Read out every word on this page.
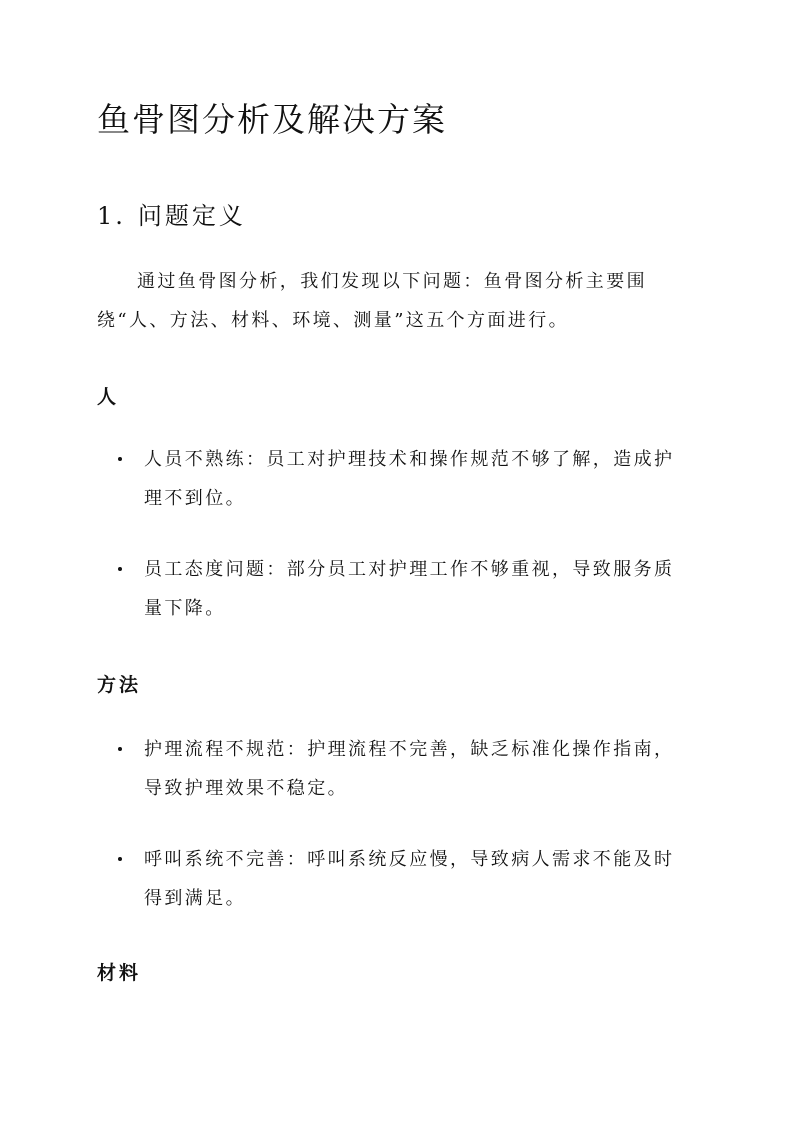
鱼骨图分析及解决方案
1. 问题定义

通过鱼骨图分析，我们发现以下问题：鱼骨图分析主要围绕“人、方法、材料、环境、测量”这五个方面进行。

人
人员不熟练：员工对护理技术和操作规范不够了解，造成护理不到位。
员工态度问题：部分员工对护理工作不够重视，导致服务质量下降。
方法
护理流程不规范：护理流程不完善，缺乏标准化操作指南，导致护理效果不稳定。
呼叫系统不完善：呼叫系统反应慢，导致病人需求不能及时得到满足。
材料
